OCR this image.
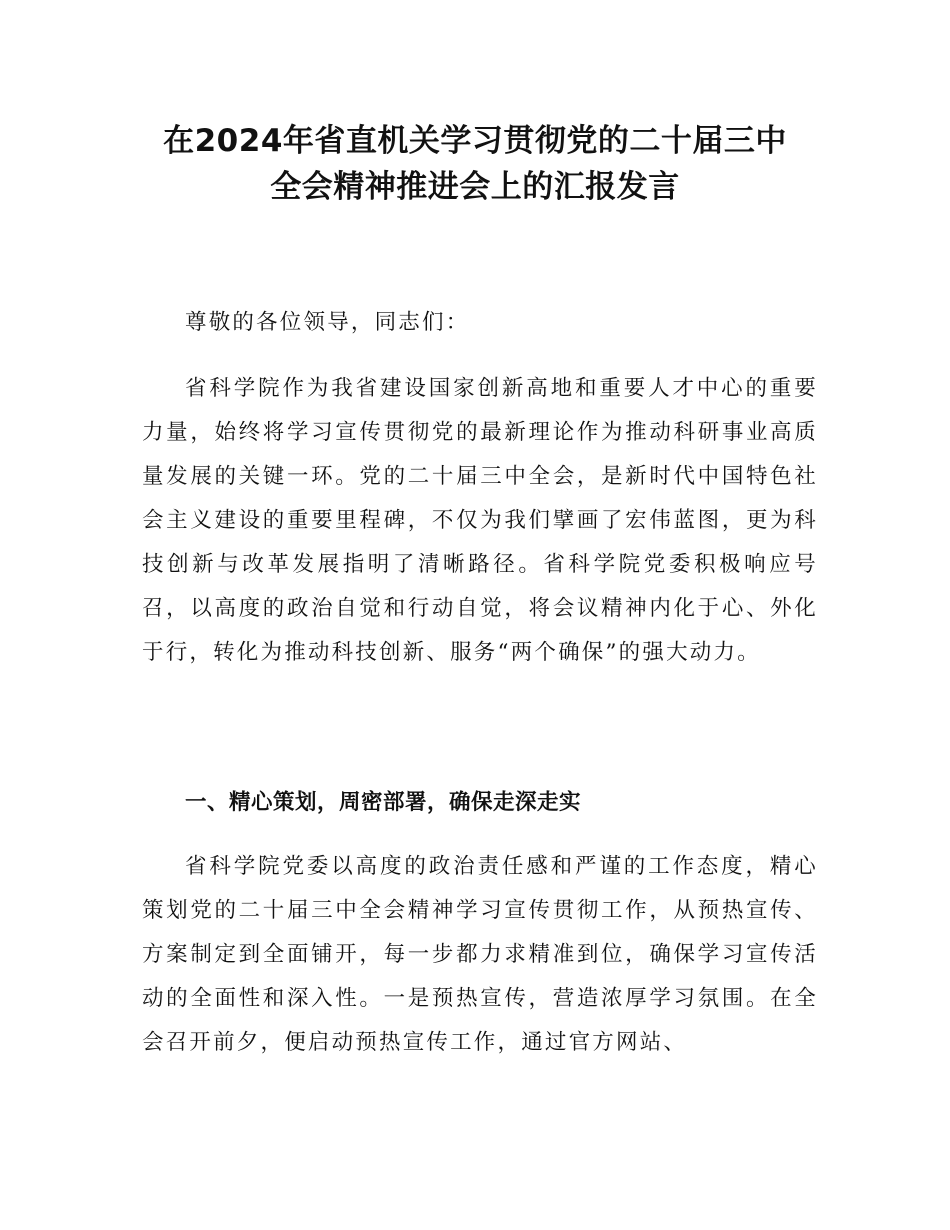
在2024年省直机关学习贯彻党的二十届三中
全会精神推进会上的汇报发言

尊敬的各位领导，同志们：

省科学院作为我省建设国家创新高地和重要人才中心的重要力量，始终将学习宣传贯彻党的最新理论作为推动科研事业高质量发展的关键一环。党的二十届三中全会，是新时代中国特色社会主义建设的重要里程碑，不仅为我们擘画了宏伟蓝图，更为科技创新与改革发展指明了清晰路径。省科学院党委积极响应号召，以高度的政治自觉和行动自觉，将会议精神内化于心、外化于行，转化为推动科技创新、服务“两个确保”的强大动力。

一、精心策划，周密部署，确保走深走实

省科学院党委以高度的政治责任感和严谨的工作态度，精心策划党的二十届三中全会精神学习宣传贯彻工作，从预热宣传、方案制定到全面铺开，每一步都力求精准到位，确保学习宣传活动的全面性和深入性。一是预热宣传，营造浓厚学习氛围。在全会召开前夕，便启动预热宣传工作，通过官方网站、
